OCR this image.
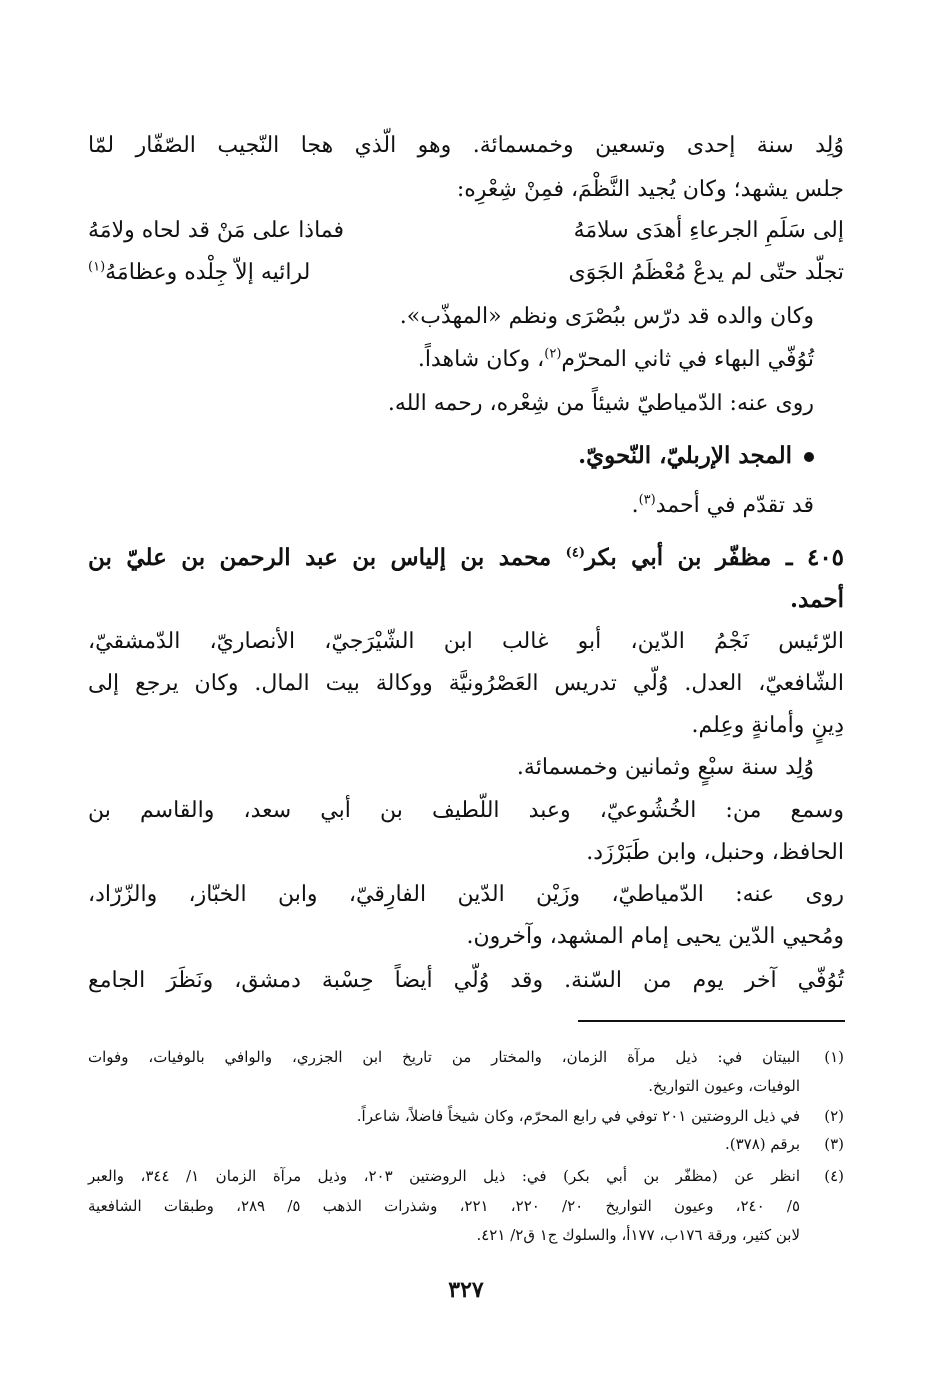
وُلِد سنة إحدى وتسعين وخمسمائة. وهو الّذي هجا النّجيب الصّفّار لمّا
جلس يشهد؛ وكان يُجيد النَّظْمَ، فمِنْ شِعْرِه:
إلى سَلَمِ الجرعاءِ أهدَى سلامَهُ
فماذا على مَنْ قد لحاه ولامَهُ
تجلّد حتّى لم يدعْ مُعْظَمُ الجَوَى
لرائيه إلاّ جِلْده وعظامَهُ$^{(١)}$
وكان والده قد درّس ببُصْرَى ونظم «المهذّب».
تُوُفّي البهاء في ثاني المحرّم$^{(٢)}$، وكان شاهداً.
روى عنه: الدّمياطيّ شيئاً من شِعْره، رحمه الله.
المجد الإربليّ، النّحويّ.
قد تقدّم في أحمد$^{(٣)}$.
٤٠٥ ـ مظفّر بن أبي بكر$^{(٤)}$ محمد بن إلياس بن عبد الرحمن بن عليّ بن
أحمد.
الرّئيس نَجْمُ الدّين، أبو غالب ابن الشّيْرَجيّ، الأنصاريّ، الدّمشقيّ،
الشّافعيّ، العدل. وُلّي تدريس العَصْرُونيَّة ووكالة بيت المال. وكان يرجع إلى
دِينٍ وأمانةٍ وعِلم.
وُلِد سنة سبْعٍ وثمانين وخمسمائة.
وسمع من: الخُشُوعيّ، وعبد اللّطيف بن أبي سعد، والقاسم بن
الحافظ، وحنبل، وابن طَبَرْزَد.
روى عنه: الدّمياطيّ، وزَيْن الدّين الفارِقيّ، وابن الخبّاز، والزّرّاد،
ومُحيي الدّين يحيى إمام المشهد، وآخرون.
تُوُفّي آخر يوم من السّنة. وقد وُلّي أيضاً حِسْبة دمشق، ونَظَرَ الجامع
(١)
البيتان في: ذيل مرآة الزمان، والمختار من تاريخ ابن الجزري، والوافي بالوفيات، وفوات
الوفيات، وعيون التواريخ.
(٢)
في ذيل الروضتين ٢٠١ توفي في رابع المحرّم، وكان شيخاً فاضلاً، شاعراً.
(٣)
برقم (٣٧٨).
(٤)
انظر عن (مظفّر بن أبي بكر) في: ذيل الروضتين ٢٠٣، وذيل مرآة الزمان ١/ ٣٤٤، والعبر
٥/ ٢٤٠، وعيون التواريخ ٢٠/ ٢٢٠، ٢٢١، وشذرات الذهب ٥/ ٢٨٩، وطبقات الشافعية
لابن كثير، ورقة ١٧٦ب، ١٧٧أ، والسلوك ج١ ق٢/ ٤٢١.
٣٢٧
